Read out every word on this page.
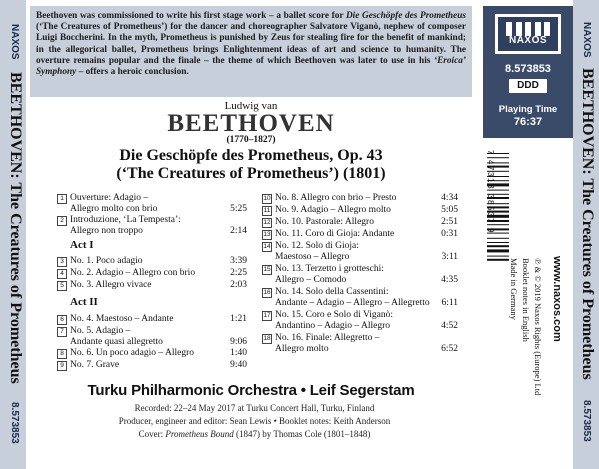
NAXOS
BEETHOVEN: The Creatures of Prometheus
8.573853
NAXOS
BEETHOVEN: The Creatures of Prometheus
8.573853
Beethoven was commissioned to write his first stage work – a ballet score for Die Geschöpfe des Prometheus (‘The Creatures of Prometheus’) for the dancer and choreographer Salvatore Viganò, nephew of composer Luigi Boccherini. In the myth, Prometheus is punished by Zeus for stealing fire for the benefit of mankind; in the allegorical ballet, Prometheus brings Enlightenment ideas of art and science to humanity. The overture remains popular and the finale – the theme of which Beethoven was later to use in his ‘Eroica’ Symphony – offers a heroic conclusion.
NAXOS
8.573853
DDD
Playing Time
76:37
7 47313 38537 9
℗ & © 2019 Naxos Rights (Europe) Ltd
Booklet notes in English
Made in Germany	www.naxos.com
Ludwig van
BEETHOVEN
(1770–1827)
Die Geschöpfe des Prometheus, Op. 43
(‘The Creatures of Prometheus’) (1801)
1 Ouverture: Adagio –
Allegro molto con brio	5:25
2 Introduzione, ‘La Tempesta’:
Allegro non troppo	2:14
3 No. 1. Poco adagio	3:39
4 No. 2. Adagio – Allegro con brio	2:25
5 No. 3. Allegro vivace	2:03
6 No. 4. Maestoso – Andante	1:21
7 No. 5. Adagio –
Andante quasi allegretto	9:06
8 No. 6. Un poco adagio – Allegro	1:40
9 No. 7. Grave	9:40
10 No. 8. Allegro con brio – Presto	4:34
11 No. 9. Adagio – Allegro molto	5:05
12 No. 10. Pastorale: Allegro	2:51
13 No. 11. Coro di Gioja: Andante	0:31
14 No. 12. Solo di Gioja:
Maestoso – Allegro	3:11
15 No. 13. Terzetto i grotteschi:
Allegro – Comodo	4:35
16 No. 14. Solo della Cassentini:
Andante – Adagio – Allegro – Allegretto	6:11
17 No. 15. Coro e Solo di Viganò:
Andantino – Adagio – Allegro	4:52
18 No. 16. Finale: Allegretto –
Allegro molto	6:52
Act I
Act II
Turku Philharmonic Orchestra • Leif Segerstam
Recorded: 22–24 May 2017 at Turku Concert Hall, Turku, Finland
Producer, engineer and editor: Sean Lewis • Booklet notes: Keith Anderson
Cover: Prometheus Bound (1847) by Thomas Cole (1801–1848)
